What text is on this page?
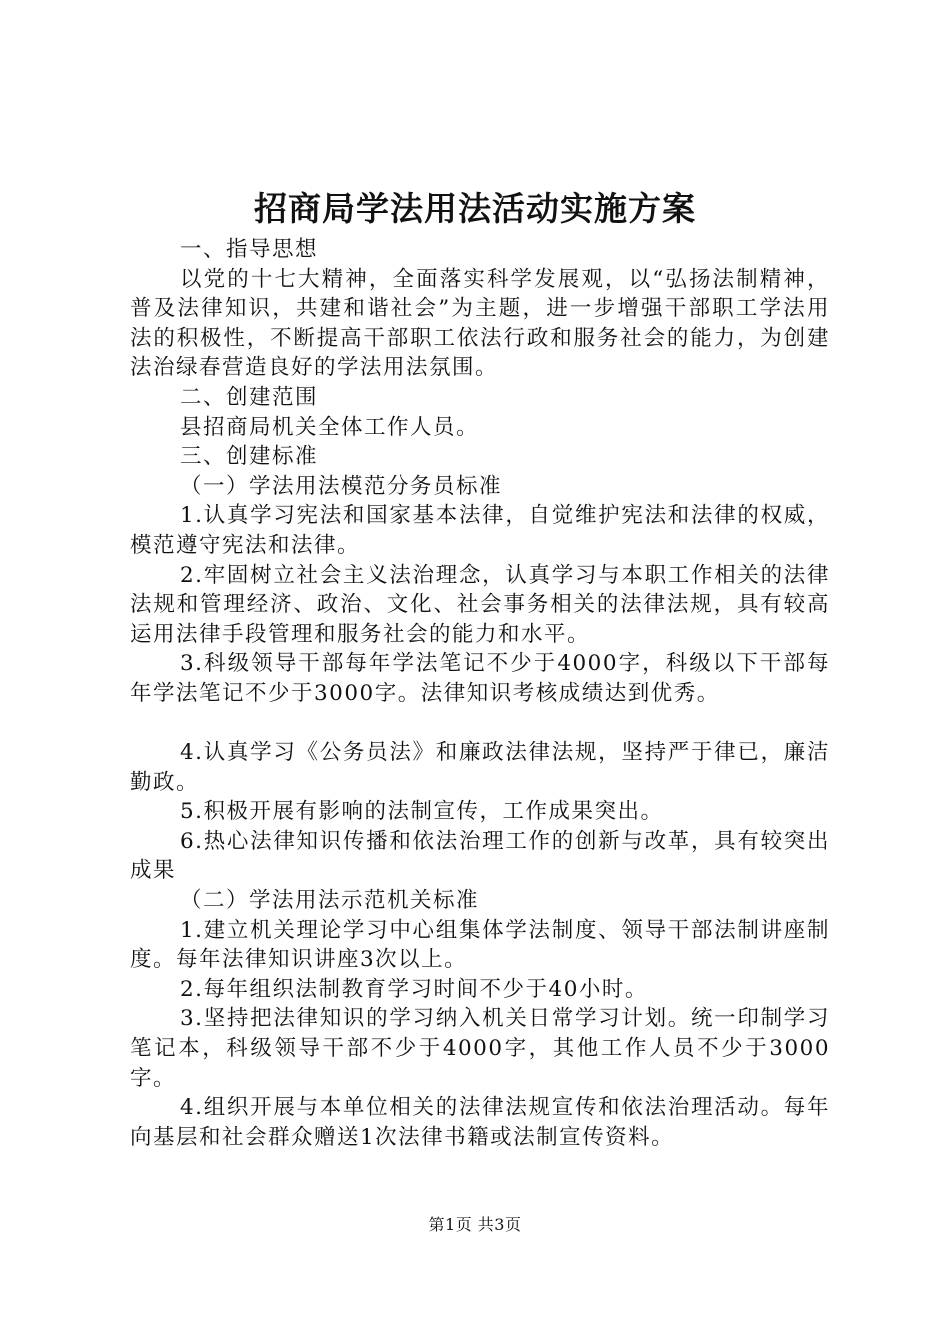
招商局学法用法活动实施方案

一、指导思想

以党的十七大精神，全面落实科学发展观，以“弘扬法制精神，普及法律知识，共建和谐社会”为主题，进一步增强干部职工学法用法的积极性，不断提高干部职工依法行政和服务社会的能力，为创建法治绿春营造良好的学法用法氛围。

二、创建范围

县招商局机关全体工作人员。

三、创建标准

（一）学法用法模范分务员标准

1.认真学习宪法和国家基本法律，自觉维护宪法和法律的权威，模范遵守宪法和法律。

2.牢固树立社会主义法治理念，认真学习与本职工作相关的法律法规和管理经济、政治、文化、社会事务相关的法律法规，具有较高运用法律手段管理和服务社会的能力和水平。

3.科级领导干部每年学法笔记不少于4000字，科级以下干部每年学法笔记不少于3000字。法律知识考核成绩达到优秀。

4.认真学习《公务员法》和廉政法律法规，坚持严于律已，廉洁勤政。

5.积极开展有影响的法制宣传，工作成果突出。

6.热心法律知识传播和依法治理工作的创新与改革，具有较突出成果

（二）学法用法示范机关标准

1.建立机关理论学习中心组集体学法制度、领导干部法制讲座制度。每年法律知识讲座3次以上。

2.每年组织法制教育学习时间不少于40小时。

3.坚持把法律知识的学习纳入机关日常学习计划。统一印制学习笔记本，科级领导干部不少于4000字，其他工作人员不少于3000字。

4.组织开展与本单位相关的法律法规宣传和依法治理活动。每年向基层和社会群众赠送1次法律书籍或法制宣传资料。

第1页 共3页
